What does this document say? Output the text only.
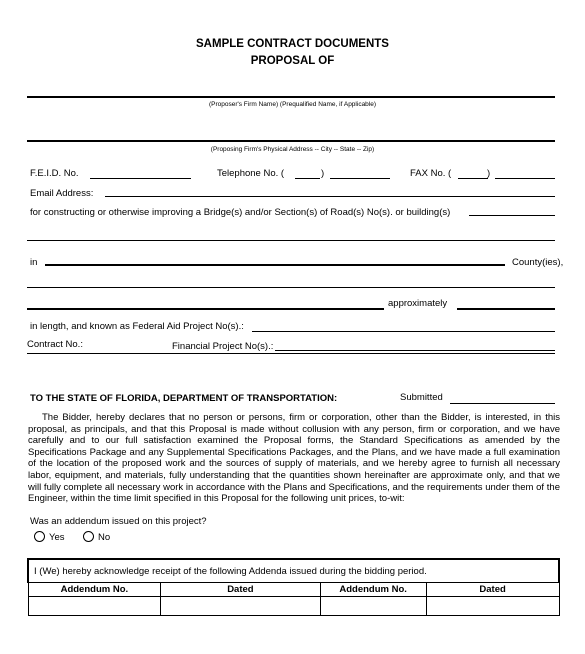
SAMPLE CONTRACT DOCUMENTS
PROPOSAL OF
(Proposer's Firm Name) (Prequalified Name, if Applicable)
(Proposing Firm's Physical Address -- City -- State -- Zip)
F.E.I.D. No.	Telephone No. (	)	FAX No. (	)
Email Address:
for constructing or otherwise improving a Bridge(s) and/or Section(s) of Road(s) No(s). or building(s)
in	County(ies),
approximately
in length, and known as Federal Aid Project No(s).:
Contract No.:	Financial Project No(s).:
TO THE STATE OF FLORIDA, DEPARTMENT OF TRANSPORTATION:	Submitted
The Bidder, hereby declares that no person or persons, firm or corporation, other than the Bidder, is interested, in this proposal, as principals, and that this Proposal is made without collusion with any person, firm or corporation, and we have carefully and to our full satisfaction examined the Proposal forms, the Standard Specifications as amended by the Specifications Package and any Supplemental Specifications Packages, and the Plans, and we have made a full examination of the location of the proposed work and the sources of supply of materials, and we hereby agree to furnish all necessary labor, equipment, and materials, fully understanding that the quantities shown hereinafter are approximate only, and that we will fully complete all necessary work in accordance with the Plans and Specifications, and the requirements under them of the Engineer, within the time limit specified in this Proposal for the following unit prices, to-wit:
Was an addendum issued on this project?
Yes	No
I (We) hereby acknowledge receipt of the following Addenda issued during the bidding period.			
Addendum No.	Dated	Addendum No.	Dated
